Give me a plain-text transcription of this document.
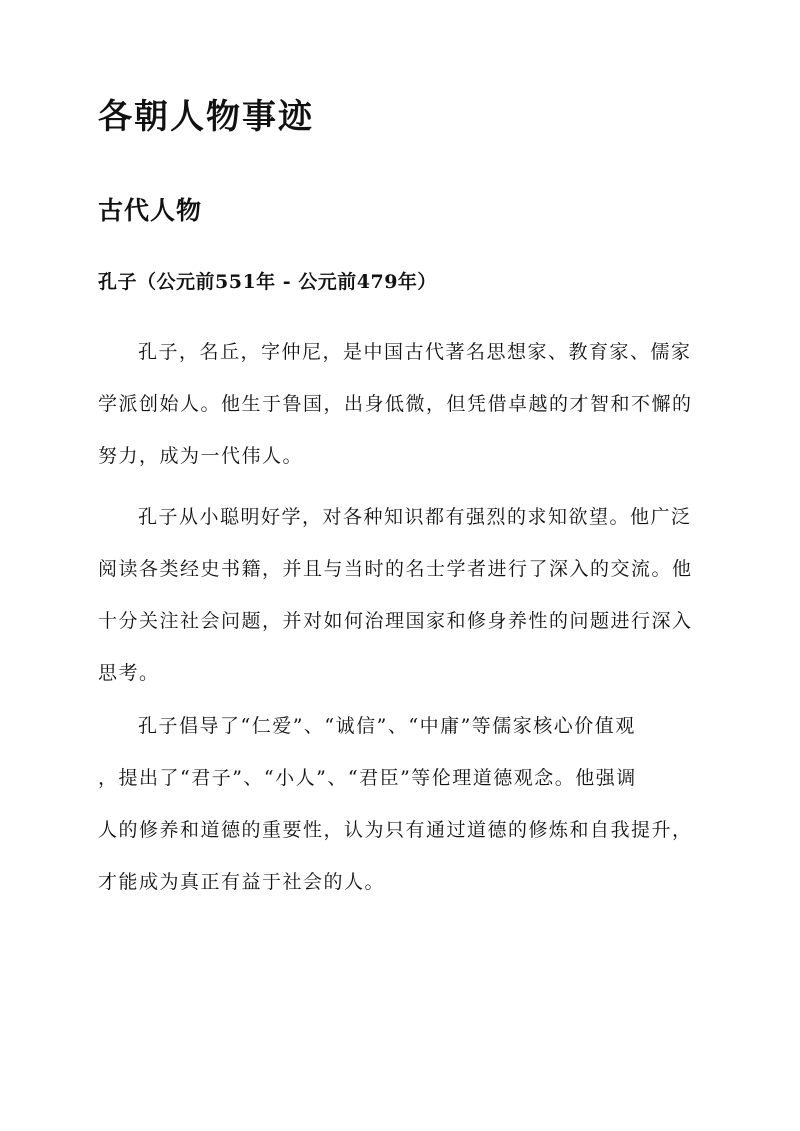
各朝人物事迹
古代人物
孔子（公元前551年 - 公元前479年）
孔子，名丘，字仲尼，是中国古代著名思想家、教育家、儒家
学派创始人。他生于鲁国，出身低微，但凭借卓越的才智和不懈的
努力，成为一代伟人。
孔子从小聪明好学，对各种知识都有强烈的求知欲望。他广泛
阅读各类经史书籍，并且与当时的名士学者进行了深入的交流。他
十分关注社会问题，并对如何治理国家和修身养性的问题进行深入
思考。
孔子倡导了“仁爱”、“诚信”、“中庸”等儒家核心价值观
，提出了“君子”、“小人”、“君臣”等伦理道德观念。他强调
人的修养和道德的重要性，认为只有通过道德的修炼和自我提升，
才能成为真正有益于社会的人。
